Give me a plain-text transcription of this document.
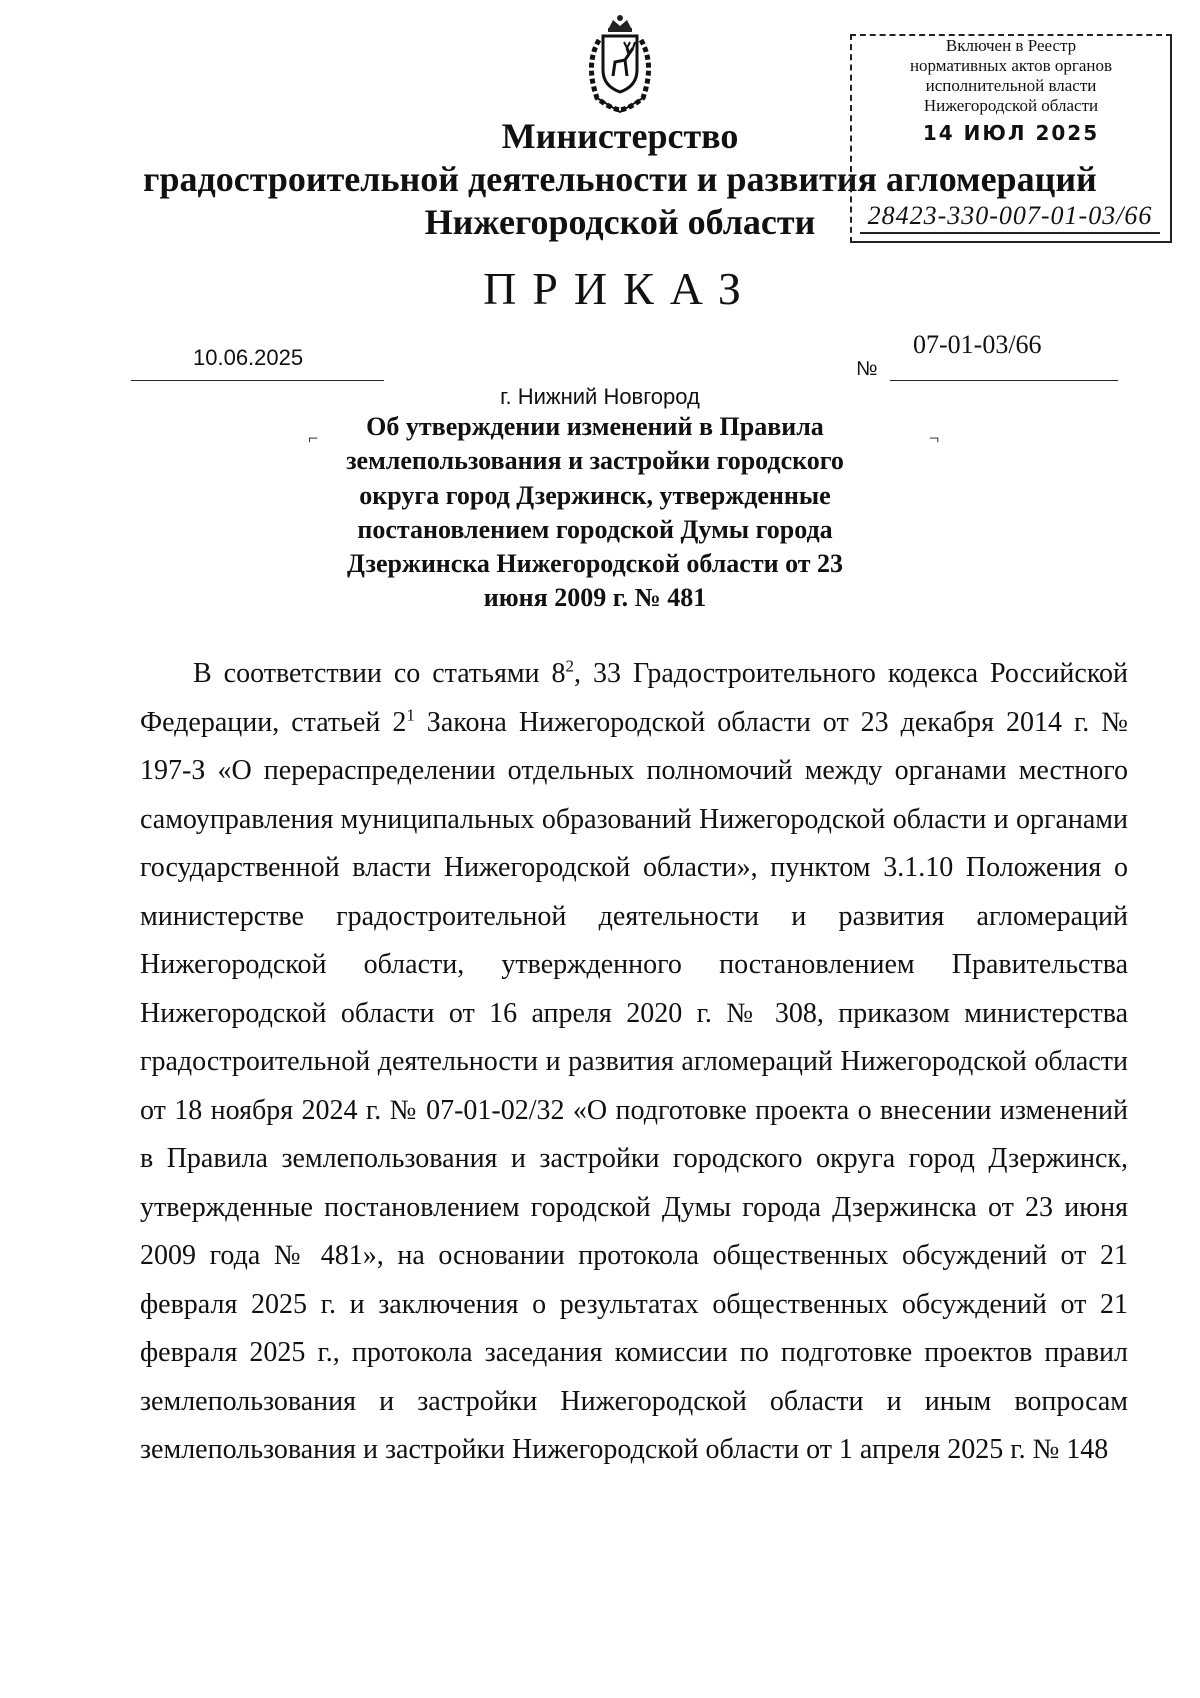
Министерство
градостроительной деятельности и развития агломераций
Нижегородской области
Включен в Реестр
нормативных актов органов
исполнительной власти
Нижегородской области
14 ИЮЛ 2025
28423-330-007-01-03/66
ПРИКАЗ
10.06.2025	№
07-01-03/66
г. Нижний Новгород
⌐	¬

Об утверждении изменений в Правила
землепользования и застройки городского
округа город Дзержинск, утвержденные
постановлением городской Думы города
Дзержинска Нижегородской области от 23
июня 2009 г. № 481

В соответствии со статьями $8^2$, 33 Градостроительного кодекса Российской Федерации, статьей $2^1$ Закона Нижегородской области от 23 декабря 2014 г. № 197-З «О перераспределении отдельных полномочий между органами местного самоуправления муниципальных образований Нижегородской области и органами государственной власти Нижегородской области», пунктом 3.1.10 Положения о министерстве градостроительной деятельности и развития агломераций Нижегородской области, утвержденного постановлением Правительства Нижегородской области от 16 апреля 2020 г. № 308, приказом министерства градостроительной деятельности и развития агломераций Нижегородской области от 18 ноября 2024 г. № 07-01-02/32 «О подготовке проекта о внесении изменений в Правила землепользования и застройки городского округа город Дзержинск, утвержденные постановлением городской Думы города Дзержинска от 23 июня 2009 года № 481», на основании протокола общественных обсуждений от 21 февраля 2025 г. и заключения о результатах общественных обсуждений от 21 февраля 2025 г., протокола заседания комиссии по подготовке проектов правил землепользования и застройки Нижегородской области и иным вопросам землепользования и застройки Нижегородской области от 1 апреля 2025 г. № 148
